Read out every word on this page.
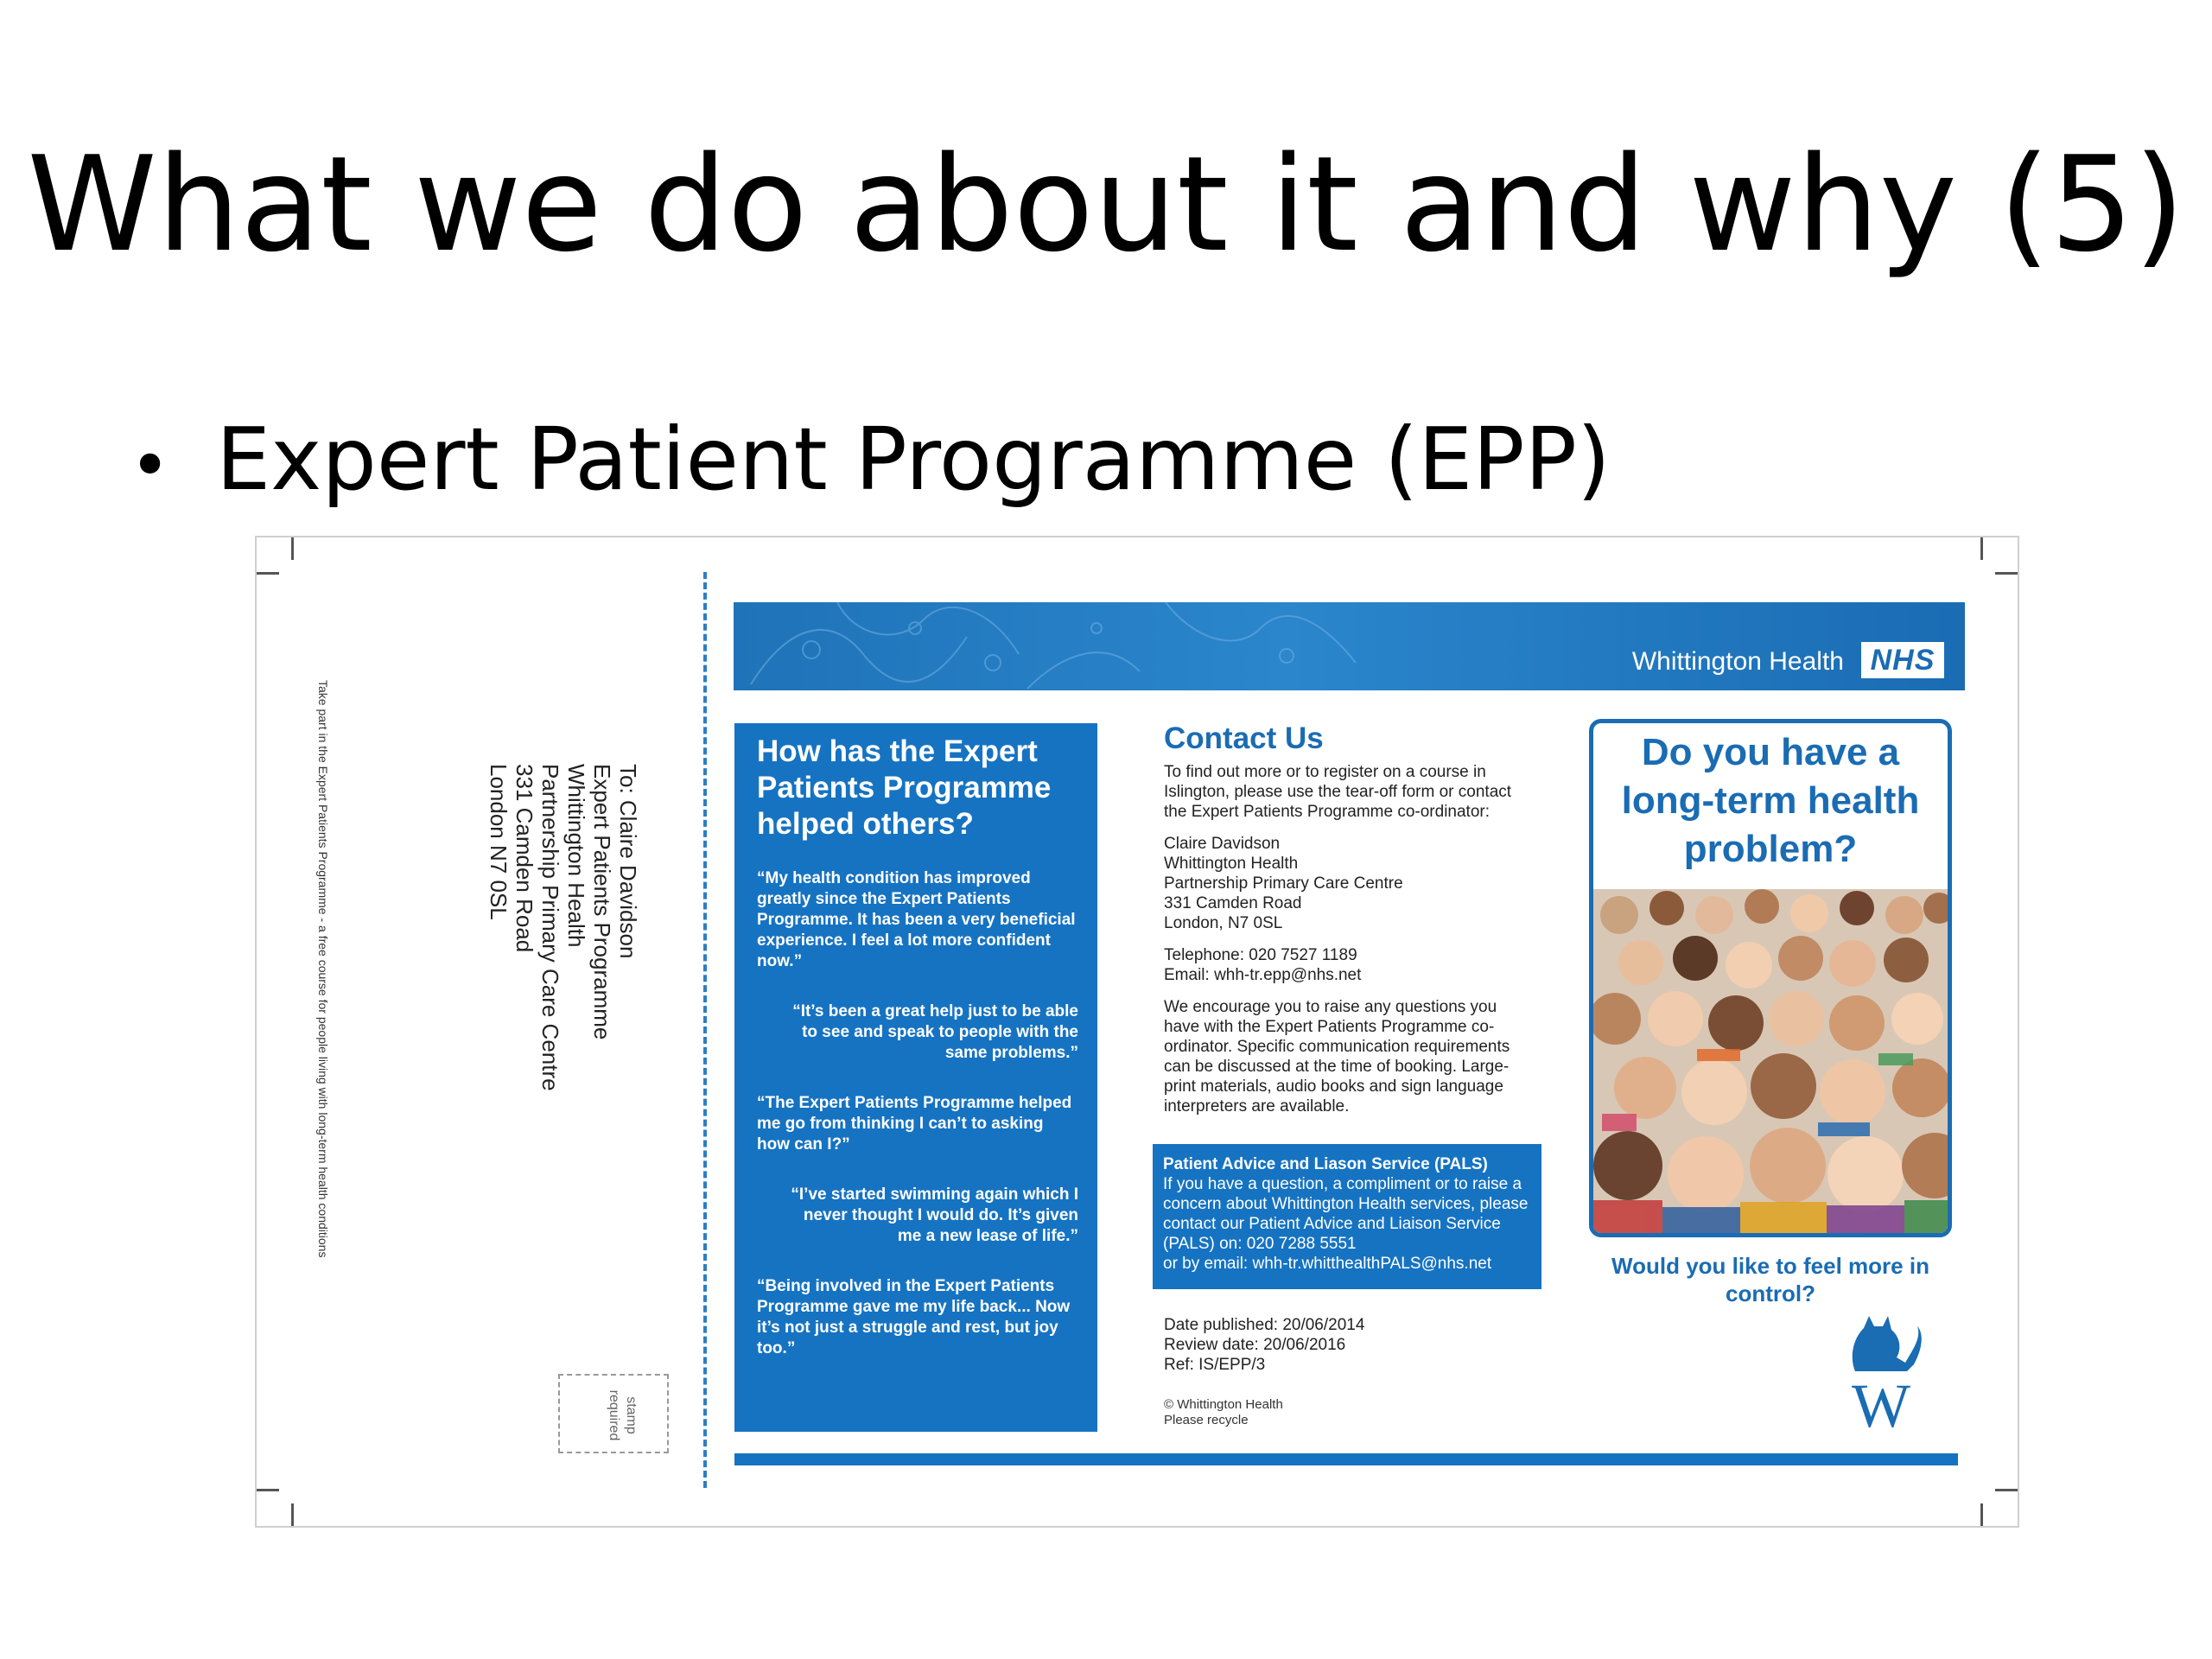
What we do about it and why (5)
• Expert Patient Programme (EPP)
Take part in the Expert Patients Programme - a free course for people living with long-term health conditions	To: Claire Davidson
Expert Patients Programme
Whittington Health
Partnership Primary Care Centre
331 Camden Road
London N7 0SL
stamp
required
Whittington Health NHS
How has the Expert Patients Programme helped others?

“My health condition has improved greatly since the Expert Patients Programme. It has been a very beneficial experience. I feel a lot more confident now.”

“It’s been a great help just to be able to see and speak to people with the same problems.”

“The Expert Patients Programme helped me go from thinking I can’t to asking how can I?”

“I’ve started swimming again which I never thought I would do. It’s given me a new lease of life.”

“Being involved in the Expert Patients Programme gave me my life back... Now it’s not just a struggle and rest, but joy too.”

Contact Us

To find out more or to register on a course in Islington, please use the tear-off form or contact the Expert Patients Programme co-ordinator:

Claire Davidson
Whittington Health
Partnership Primary Care Centre
331 Camden Road
London, N7 0SL

Telephone: 020 7527 1189
Email: whh-tr.epp@nhs.net

We encourage you to raise any questions you have with the Expert Patients Programme co-ordinator. Specific communication requirements can be discussed at the time of booking. Large-print materials, audio books and sign language interpreters are available.

Patient Advice and Liason Service (PALS)
If you have a question, a compliment or to raise a concern about Whittington Health services, please contact our Patient Advice and Liaison Service (PALS) on: 020 7288 5551
or by email: whh-tr.whitthealthPALS@nhs.net
Date published: 20/06/2014
Review date: 20/06/2016
Ref: IS/EPP/3
© Whittington Health
Please recycle
Do you have a long-term health problem?
Would you like to feel more in control?
W
